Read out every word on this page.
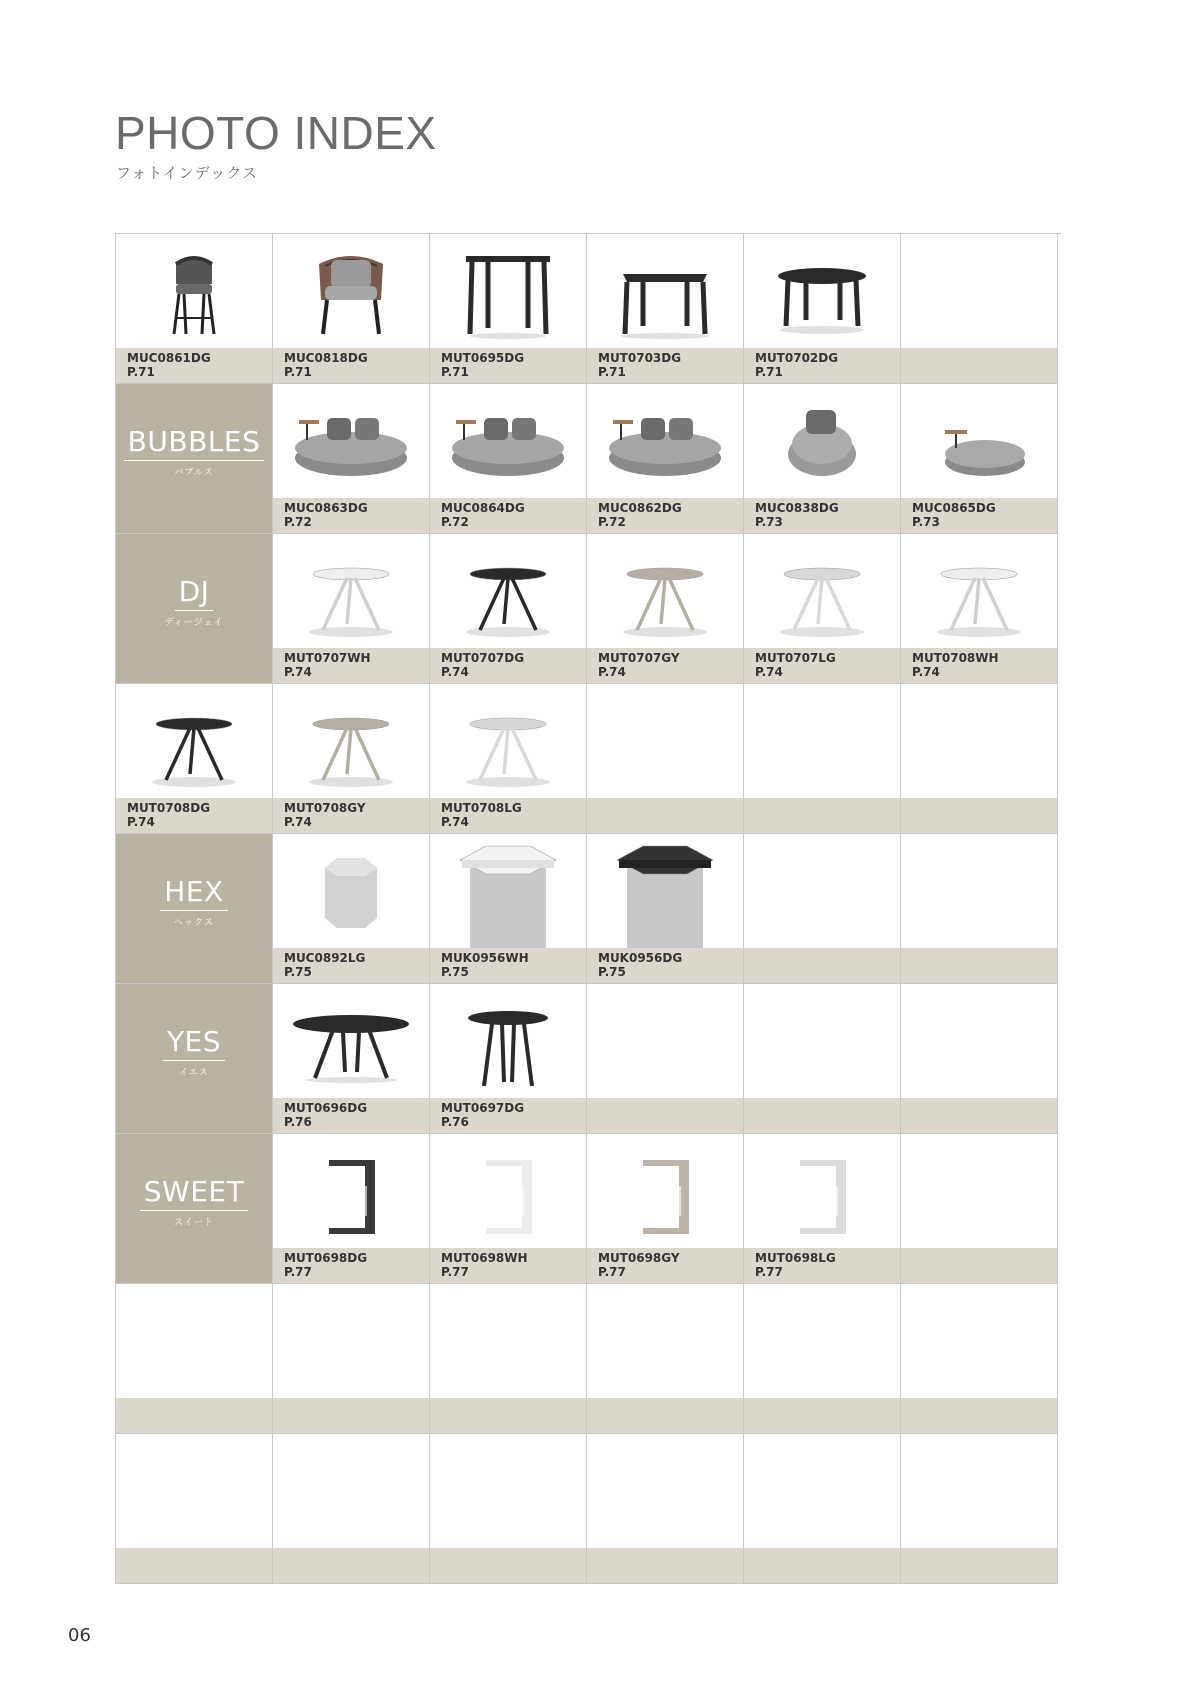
PHOTO INDEX
フォトインデックス
MUC0861DG
P.71
MUC0818DG
P.71
MUT0695DG
P.71
MUT0703DG
P.71
MUT0702DG
P.71
BUBBLES
バブルス
MUC0863DG
P.72
MUC0864DG
P.72
MUC0862DG
P.72
MUC0838DG
P.73
MUC0865DG
P.73
DJ
ディージェイ
MUT0707WH
P.74
MUT0707DG
P.74
MUT0707GY
P.74
MUT0707LG
P.74
MUT0708WH
P.74
MUT0708DG
P.74
MUT0708GY
P.74
MUT0708LG
P.74
HEX
ヘックス
MUC0892LG
P.75
MUK0956WH
P.75
MUK0956DG
P.75
YES
イエス
MUT0696DG
P.76
MUT0697DG
P.76
SWEET
スイート
MUT0698DG
P.77
MUT0698WH
P.77
MUT0698GY
P.77
MUT0698LG
P.77
06
